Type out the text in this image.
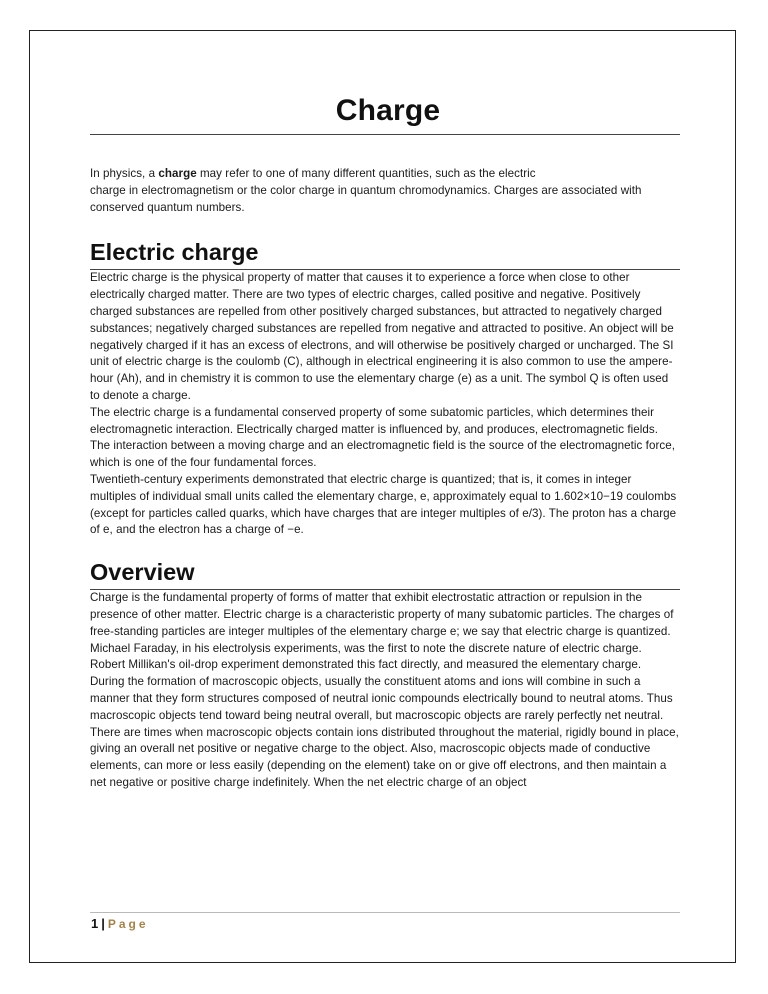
Charge

In physics, a charge may refer to one of many different quantities, such as the electric
charge in electromagnetism or the color charge in quantum chromodynamics. Charges are associated with conserved quantum numbers.

Electric charge

Electric charge is the physical property of matter that causes it to experience a force when close to other electrically charged matter. There are two types of electric charges, called positive and negative. Positively charged substances are repelled from other positively charged substances, but attracted to negatively charged substances; negatively charged substances are repelled from negative and attracted to positive. An object will be negatively charged if it has an excess of electrons, and will otherwise be positively charged or uncharged. The SI unit of electric charge is the coulomb (C), although in electrical engineering it is also common to use the ampere-hour (Ah), and in chemistry it is common to use the elementary charge (e) as a unit. The symbol Q is often used to denote a charge.

The electric charge is a fundamental conserved property of some subatomic particles, which determines their electromagnetic interaction. Electrically charged matter is influenced by, and produces, electromagnetic fields. The interaction between a moving charge and an electromagnetic field is the source of the electromagnetic force, which is one of the four fundamental forces.

Twentieth-century experiments demonstrated that electric charge is quantized; that is, it comes in integer multiples of individual small units called the elementary charge, e, approximately equal to 1.602×10−19 coulombs (except for particles called quarks, which have charges that are integer multiples of e/3). The proton has a charge of e, and the electron has a charge of −e.

Overview

Charge is the fundamental property of forms of matter that exhibit electrostatic attraction or repulsion in the presence of other matter. Electric charge is a characteristic property of many subatomic particles. The charges of free-standing particles are integer multiples of the elementary charge e; we say that electric charge is quantized. Michael Faraday, in his electrolysis experiments, was the first to note the discrete nature of electric charge. Robert Millikan's oil-drop experiment demonstrated this fact directly, and measured the elementary charge.

During the formation of macroscopic objects, usually the constituent atoms and ions will combine in such a manner that they form structures composed of neutral ionic compounds electrically bound to neutral atoms. Thus macroscopic objects tend toward being neutral overall, but macroscopic objects are rarely perfectly net neutral.

There are times when macroscopic objects contain ions distributed throughout the material, rigidly bound in place, giving an overall net positive or negative charge to the object. Also, macroscopic objects made of conductive elements, can more or less easily (depending on the element) take on or give off electrons, and then maintain a net negative or positive charge indefinitely. When the net electric charge of an object

1 | Page
